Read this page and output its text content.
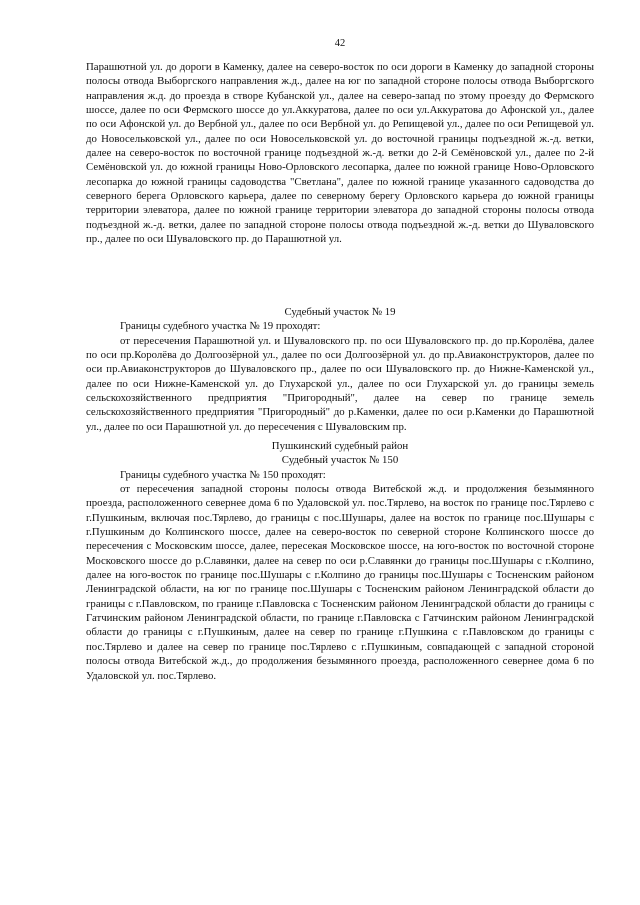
42

Парашютной ул. до дороги в Каменку, далее на северо-восток по оси дороги в Каменку до западной стороны полосы отвода Выборгского направления ж.д., далее на юг по западной стороне полосы отвода Выборгского направления ж.д. до проезда в створе Кубанской ул., далее на северо-запад по этому проезду до Фермского шоссе, далее по оси Фермского шоссе до ул.Аккуратова, далее по оси ул.Аккуратова до Афонской ул., далее по оси Афонской ул. до Вербной ул., далее по оси Вербной ул. до Репищевой ул., далее по оси Репищевой ул. до Новосельковской ул., далее по оси Новосельковской ул. до восточной границы подъездной ж.-д. ветки, далее на северо-восток по восточной границе подъездной ж.-д. ветки до 2-й Семёновской ул., далее по 2-й Семёновской ул. до южной границы Ново-Орловского лесопарка, далее по южной границе Ново-Орловского лесопарка до южной границы садоводства "Светлана", далее по южной границе указанного садоводства до северного берега Орловского карьера, далее по северному берегу Орловского карьера до южной границы территории элеватора, далее по южной границе территории элеватора до западной стороны полосы отвода подъездной ж.-д. ветки, далее по западной стороне полосы отвода подъездной ж.-д. ветки до Шуваловского пр., далее по оси Шуваловского пр. до Парашютной ул.

Судебный участок № 19

Границы судебного участка № 19 проходят:

от пересечения Парашютной ул. и Шуваловского пр. по оси Шуваловского пр. до пр.Королёва, далее по оси пр.Королёва до Долгоозёрной ул., далее по оси Долгоозёрной ул. до пр.Авиаконструкторов, далее по оси пр.Авиаконструкторов до Шуваловского пр., далее по оси Шуваловского пр. до Нижне-Каменской ул., далее по оси Нижне-Каменской ул. до Глухарской ул., далее по оси Глухарской ул. до границы земель сельскохозяйственного предприятия "Пригородный", далее на север по границе земель сельскохозяйственного предприятия "Пригородный" до р.Каменки, далее по оси р.Каменки до Парашютной ул., далее по оси Парашютной ул. до пересечения с Шуваловским пр.

Пушкинский судебный район

Судебный участок № 150

Границы судебного участка № 150 проходят:

от пересечения западной стороны полосы отвода Витебской ж.д. и продолжения безымянного проезда, расположенного севернее дома 6 по Удаловской ул. пос.Тярлево, на восток по границе пос.Тярлево с г.Пушкиным, включая пос.Тярлево, до границы с пос.Шушары, далее на восток по границе пос.Шушары с г.Пушкиным до Колпинского шоссе, далее на северо-восток по северной стороне Колпинского шоссе до пересечения с Московским шоссе, далее, пересекая Московское шоссе, на юго-восток по восточной стороне Московского шоссе до р.Славянки, далее на север по оси р.Славянки до границы пос.Шушары с г.Колпино, далее на юго-восток по границе пос.Шушары с г.Колпино до границы пос.Шушары с Тосненским районом Ленинградской области, на юг по границе пос.Шушары с Тосненским районом Ленинградской области до границы с г.Павловском, по границе г.Павловска с Тосненским районом Ленинградской области до границы с Гатчинским районом Ленинградской области, по границе г.Павловска с Гатчинским районом Ленинградской области до границы с г.Пушкиным, далее на север по границе г.Пушкина с г.Павловском до границы с пос.Тярлево и далее на север по границе пос.Тярлево с г.Пушкиным, совпадающей с западной стороной полосы отвода Витебской ж.д., до продолжения безымянного проезда, расположенного севернее дома 6 по Удаловской ул. пос.Тярлево.
